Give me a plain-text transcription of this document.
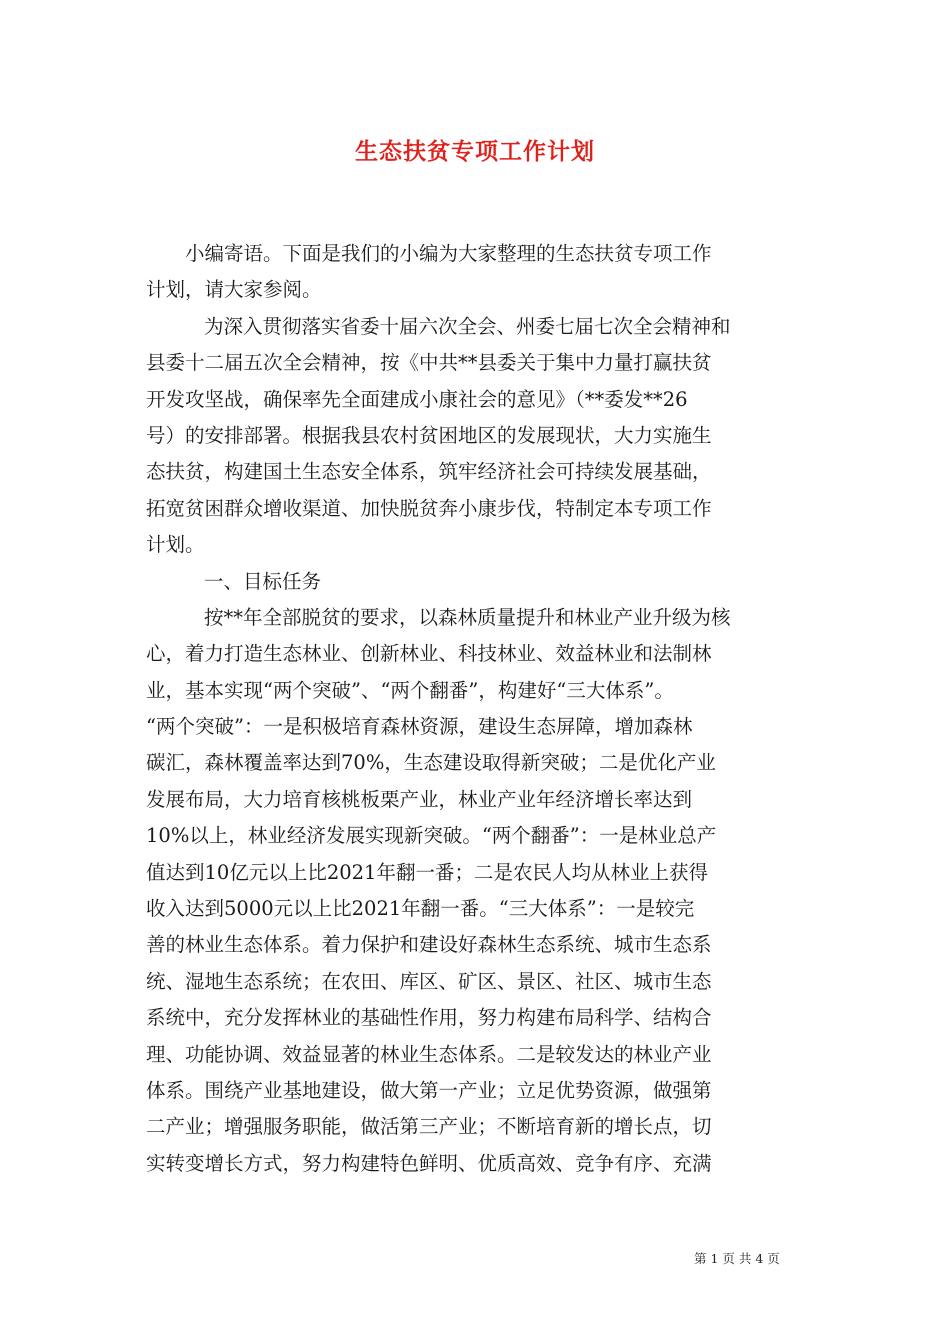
生态扶贫专项工作计划
小编寄语。下面是我们的小编为大家整理的生态扶贫专项工作
计划，请大家参阅。
为深入贯彻落实省委十届六次全会、州委七届七次全会精神和
县委十二届五次全会精神，按《中共**县委关于集中力量打赢扶贫
开发攻坚战，确保率先全面建成小康社会的意见》（**委发**26
号）的安排部署。根据我县农村贫困地区的发展现状，大力实施生
态扶贫，构建国土生态安全体系，筑牢经济社会可持续发展基础，
拓宽贫困群众增收渠道、加快脱贫奔小康步伐，特制定本专项工作
计划。
一、目标任务
按**年全部脱贫的要求，以森林质量提升和林业产业升级为核
心，着力打造生态林业、创新林业、科技林业、效益林业和法制林
业，基本实现“两个突破”、“两个翻番”，构建好“三大体系”。
“两个突破”：一是积极培育森林资源，建设生态屏障，增加森林
碳汇，森林覆盖率达到70%，生态建设取得新突破；二是优化产业
发展布局，大力培育核桃板栗产业，林业产业年经济增长率达到
10%以上，林业经济发展实现新突破。“两个翻番”：一是林业总产
值达到10亿元以上比2021年翻一番；二是农民人均从林业上获得
收入达到5000元以上比2021年翻一番。“三大体系”：一是较完
善的林业生态体系。着力保护和建设好森林生态系统、城市生态系
统、湿地生态系统；在农田、库区、矿区、景区、社区、城市生态
系统中，充分发挥林业的基础性作用，努力构建布局科学、结构合
理、功能协调、效益显著的林业生态体系。二是较发达的林业产业
体系。围绕产业基地建设，做大第一产业；立足优势资源，做强第
二产业；增强服务职能，做活第三产业；不断培育新的增长点，切
实转变增长方式，努力构建特色鲜明、优质高效、竞争有序、充满
第 1 页 共 4 页
